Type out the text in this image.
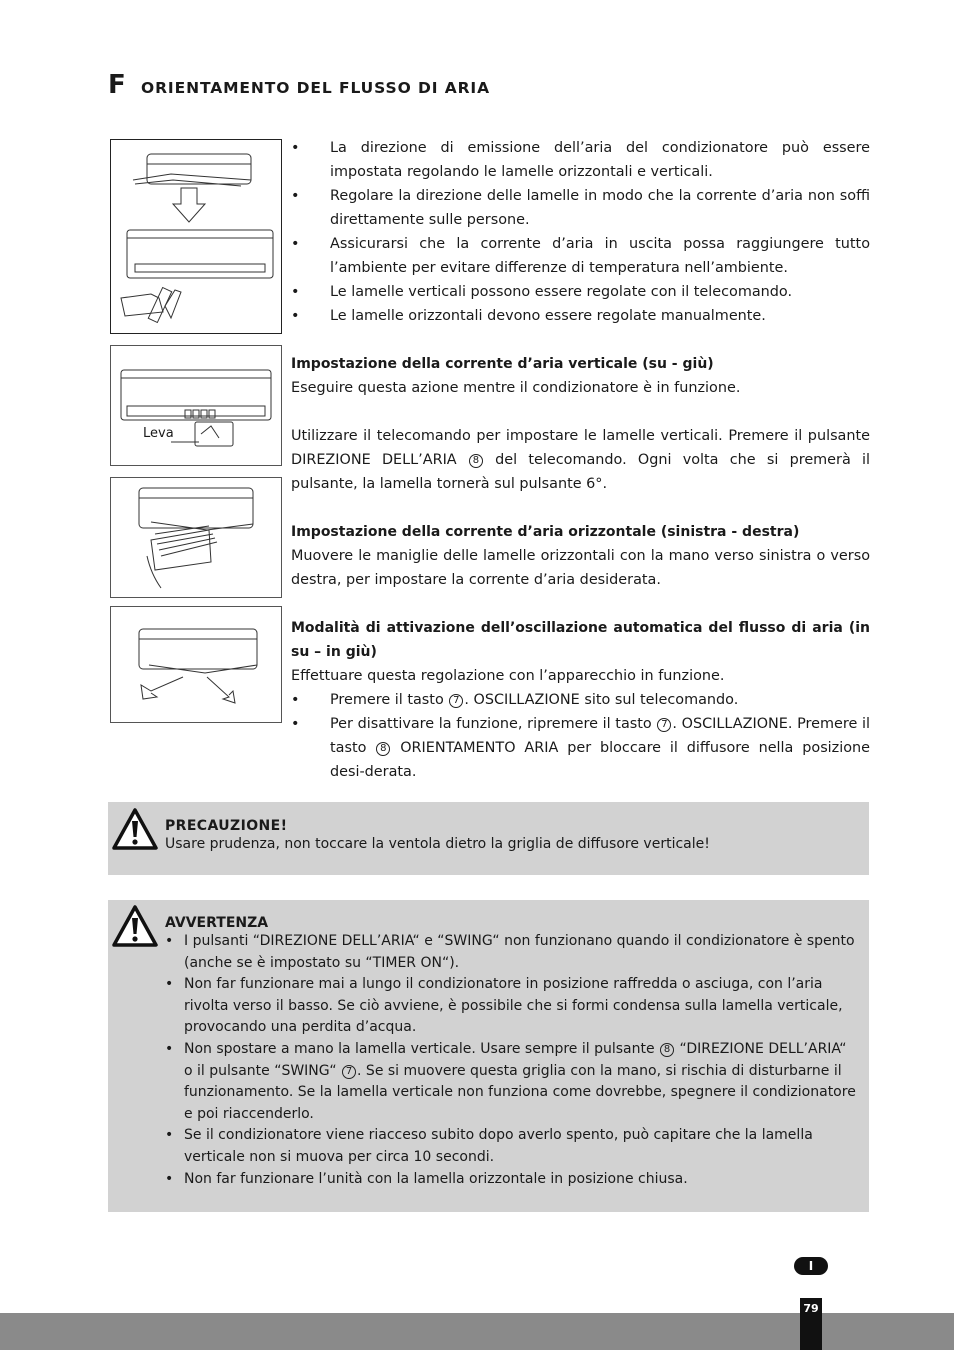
F ORIENTAMENTO DEL FLUSSO DI ARIA
Leva
• La direzione di emissione dell’aria del condizionatore può essere impostata regolando le lamelle orizzontali e verticali.
• Regolare la direzione delle lamelle in modo che la corrente d’aria non soffi direttamente sulle persone.
• Assicurarsi che la corrente d’aria in uscita possa raggiungere tutto l’ambiente per evitare differenze di temperatura nell’ambiente.
• Le lamelle verticali possono essere regolate con il telecomando.
• Le lamelle orizzontali devono essere regolate manualmente.

Impostazione della corrente d’aria verticale (su - giù)

Eseguire questa azione mentre il condizionatore è in funzione.

Utilizzare il telecomando per impostare le lamelle verticali. Premere il pulsante DIREZIONE DELL’ARIA 8 del telecomando. Ogni volta che si premerà il pulsante, la lamella tornerà sul pulsante 6°.

Impostazione della corrente d’aria orizzontale (sinistra - destra)

Muovere le maniglie delle lamelle orizzontali con la mano verso sinistra o verso destra, per impostare la corrente d’aria desiderata.

Modalità di attivazione dell’oscillazione automatica del flusso di aria (in su – in giù)

Effettuare questa regolazione con l’apparecchio in funzione.

• Premere il tasto 7 . OSCILLAZIONE sito sul telecomando.
• Per disattivare la funzione, ripremere il tasto 7 . OSCILLAZIONE. Premere il tasto 8 ORIENTAMENTO ARIA per bloccare il diffusore nella posizione desi-derata.
PRECAUZIONE!
Usare prudenza, non toccare la ventola dietro la griglia de diffusore verticale!
AVVERTENZA
• I pulsanti “DIREZIONE DELL’ARIA“ e “SWING“ non funzionano quando il condizionatore è spento (anche se è impostato su “TIMER ON“).
• Non far funzionare mai a lungo il condizionatore in posizione raffredda o asciuga, con l’aria rivolta verso il basso. Se ciò avviene, è possibile che si formi condensa sulla lamella verticale, provocando una perdita d’acqua.
• Non spostare a mano la lamella verticale. Usare sempre il pulsante 8 “DIREZIONE DELL’ARIA“ o il pulsante “SWING“ 7 . Se si muovere questa griglia con la mano, si rischia di disturbarne il funzionamento. Se la lamella verticale non funziona come dovrebbe, spegnere il condizionatore e poi riaccenderlo.
• Se il condizionatore viene riacceso subito dopo averlo spento, può capitare che la lamella verticale non si muova per circa 10 secondi.
• Non far funzionare l’unità con la lamella orizzontale in posizione chiusa.
I
79
